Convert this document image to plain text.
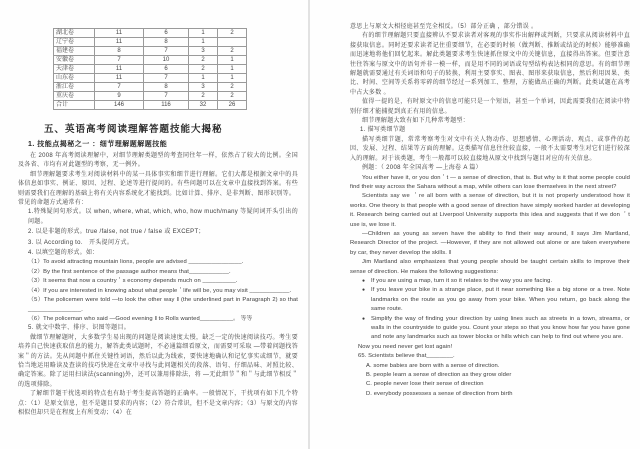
湖北卷	11	6	1	2
辽宁卷	11	8	1	
福建卷	8	7	3	2
安徽卷	7	10	2	1
天津卷	11	6	2	1
山东卷	11	7	1	1
浙江卷	7	8	3	2
重庆卷	9	7	2	2
合计	146	116	32	26
五、英语高考阅读理解答题技能大揭秘
1. 技能点揭秘之一 ：细节理解题解题技能

在 2008 年高考阅读理解中，对细节理解类题型的考查同往年一样，依然占了较大的比例。全国及各省、市均有对此题型的考察，无一例外。

细节理解题要求考生对阅读材料中的某一具体事实和细节进行理解。它们大都是根据文章中的具体信息如事实、例证、原因、过程、论述等进行提问的。有些问题可以在文章中直接找到答案。有些则需要我们在理解的基础上将有关内容系统化才能找到。比如计算、排序、是非判断、图形识别等。

常见的命题方式通常有：

1.特殊疑问句形式。以 when, where, what, which, who, how much/many 等疑问词开头引出的问题。

2. 以是非题的形式。true /false, not true / false 或 EXCEPT；

3. 以 According to． 开头提问方式。

4. 以填空题的形式。如：

（1）To avoid attracting mountain lions, people are advised ________________．

（2）By the first sentence of the passage author means that____________．

（3）It seems that now a country＇s economy depends much on __________．

（4）If you are interested in knowing about what people＇life will be, you may visit ____________．

（5）The policemen were told —to look the other way ‖ (the underlined part in Paragraph 2) so that ________________．

（6）The policeman who said —Good evening ‖ to Rolls wanted__________。 等等

5. 就文中数字、排序、识图等题目。

做细节理解题时，大多数学生易出现的问题是阅读速度太慢，缺乏一定的快速阅读技巧。考生要培养自己快速获取信息的能力，解答此类试题时，不必通篇细看原文，而需要可采取 —带着问题找答案＂的方法。先从问题中抓住关键性词语，然后以此为线索，要快速地确认和记忆事实或细节，就要恰当地运用略读及查读的技巧快速在文章中寻找与此问题相关的段落、语句、仔细品味、对照比较、确定答案。除了运用扫读法(scanning)外，还可以兼用排除法，将 —无此细节＂和＂与此细节相反＂的选项排除。

了解细节题干扰选项的特点也有助于考生提高答题的正确率。一般情况下，干扰项有如下几个特点：（1）是原文信息，但不是题目要求的内容；（2）符合常识，但不是文章内容；（3）与原文的内容相似但却只是在程度上有所变动；（4）在

意思上与原文大相径庭甚至完全相反。（5）部分正确 ，部分错误 。

有的细节理解题只要直接辨认不要求读者对客观的事实作出解释或判断，只要求从阅读材料中直接获取信息。同时还要求读者记住重要细节，在必要的时候（做判断、推断或结论的时候）能够准确而迅速地将他们回忆起来。解此类题要求考生快速抓住原文中的关键信息，直接得出答案。但要注意往往答案与原文中的语句并非一模一样，而是用不同的词语或句型结构表达相同的意思。有的细节理解题就需要通过有关词语和句子的转换，利用主要事实、图表、图形来获取信息，然后利用因果、类比、时间、空间等关系将零碎的细节经过一系列加工、整理，方能做出正确的判断。此类试题在高考中占大多数 。

值得一提的是，有时原文中的信息可能只是一个短语，甚至一个单词，因此需要我们在阅读中特别仔细才能捕捉到真正有用的信息。

细节理解题大致有如下几种常考题型：

1. 描写类细节题

描写类细节题，常常考察考生对文中有关人物动作、思想感情、心理活动、观点、或事件的起因、发展、过程、结果等方面的理解。这类描写信息往往较直接，一般不太需要考生对它们进行较深入的理解。对于该类题，考生一般都可以较直接地从原文中找到与题目对应的有关信息。

例题：（ 2008 年全国高考 —上海卷 A 篇）

You either have it, or you don＇t — a sense of direction, that is. But why is it that some people could find their way across the Sahara without a map, while others can lose themselves in the next street?

Scientists say we ＇re all born with a sense of direction, but it is not properly understood how it works. One theory is that people with a good sense of direction have simply worked harder at developing it. Research being carried out at Liverpool University supports this idea and suggests that if we don ＇t use is, we lose it.

—Children as young as seven have the ability to find their way around, ‖ says Jim Martland, Research Director of the project. —However, if they are not allowed out alone or are taken everywhere by car, they never develop the skills. ‖

Jim Martland also emphasizes that young people should be taught certain skills to improve their sense of direction. He makes the following suggestions:

● If you are using a map, turn it so it relates to the way you are facing.
● If you leave your bike in a strange place, put it near something like a big stone or a tree. Note landmarks on the route as you go away from your bike. When you return, go back along the same route.
● Simplify the way of finding your direction by using lines such as streets in a town, streams, or walls in the countryside to guide you. Count your steps so that you know how far you have gone and note any landmarks such as tower blocks or hills which can help to find out where you are.

Now you need never get lost again!

65. Scientists believe that________.

A. some babies are born with a sense of direction.

B. people learn a sense of direction as they grow older

C. people never lose their sense of direction

D. everybody possesses a sense of direction from birth
